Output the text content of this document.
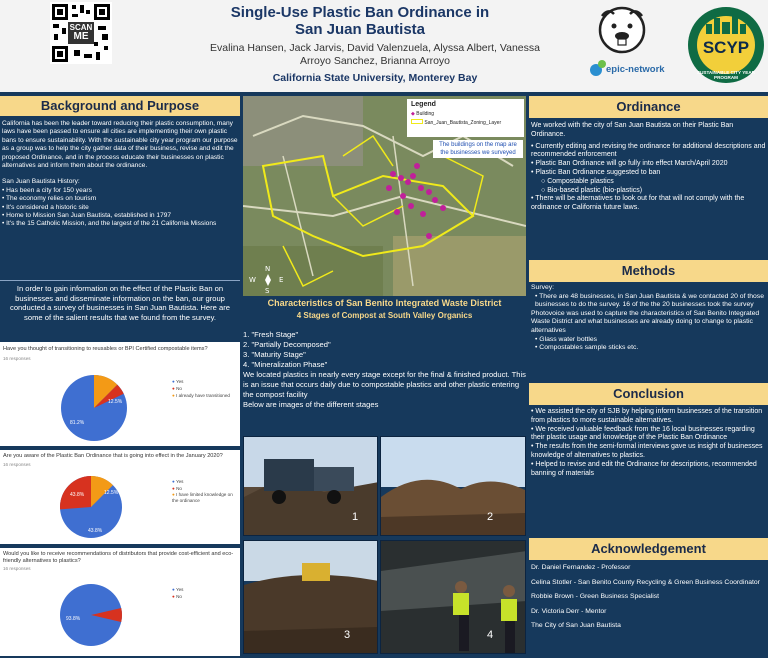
SCAN
ME
Single-Use Plastic Ban Ordinance in
San Juan Bautista
Evalina Hansen, Jack Jarvis, David Valenzuela, Alyssa Albert, Vanessa
Arroyo Sanchez, Brianna Arroyo
California State University, Monterey Bay
epic-network
SCYP
SUSTAINABLE CITY YEAR PROGRAM
Background and Purpose

California has been the leader toward reducing their plastic consumption, many laws have been passed to ensure all cities are implementing their own plastic bans to ensure sustainability. With the sustainable city year program our purpose as a group was to help the city gather data of their business, revise and edit the proposed Ordinance, and in the process educate their businesses on plastic alternatives and inform them about the ordinance.

San Juan Bautista History:

• Has been a city for 150 years
• The economy relies on tourism
• It's considered a historic site
• Home to Mission San Juan Bautista, established in 1797
• It's the 15 Catholic Mission, and the largest of the 21 California Missions
In order to gain information on the effect of the Plastic Ban on businesses and disseminate information on the ban, our group conducted a survey of businesses in San Juan Bautista. Here are some of the salient results that we found from the survey.
Have you thought of transitioning to reusables or BPI Certified compostable items?
16 responses
81.2%
12.5%
● Yes
● No
● I already have transitioned
Are you aware of the Plastic Ban Ordinance that is going into effect in the January 2020?
16 responses
43.8%
43.8%
12.5%
● Yes
● No
● I have limited knowledge on the ordinance
Would you like to receive recommendations of distributors that provide cost-efficient and eco-friendly alternatives to plastics?
16 responses
93.8%
● Yes
● No
N
W	E
S
Legend
◆ Building
San_Juan_Bautista_Zoning_Layer
The buildings on the map are the businesses we surveyed
Characteristics of San Benito Integrated Waste District
4 Stages of Compost at South Valley Organics
1. "Fresh Stage"
2. "Partially Decomposed"
3. "Maturity Stage"
4. "Mineralization Phase"
We located plastics in nearly every stage except for the final & finished product. This is an issue that occurs daily due to compostable plastics and other plastic entering the compost facility
Below are images of the different stages
1	2
3	4
Ordinance

We worked with the city of San Juan Bautista on their Plastic Ban Ordinance.

• Currently editing and revising the ordinance for additional descriptions and recommended enforcement
• Plastic Ban Ordinance will go fully into effect March/April 2020
• Plastic Ban Ordinance suggested to ban
○ Compostable plastics
○ Bio-based plastic (bio-plastics)
• There will be alternatives to look out for that will not comply with the ordinance or California future laws.
Methods

Survey:

• There are 48 businesses, in San Juan Bautista & we contacted 20 of those businesses to do the survey. 16 of the the 20 businesses took the survey

Photovoice was used to capture the characteristics of San Benito Integrated Waste District and what businesses are already doing to change to plastic alternatives

• Glass water bottles
• Compostables sample sticks etc.
Conclusion
• We assisted the city of SJB by helping inform businesses of the transition from plastics to more sustainable alternatives.
• We received valuable feedback from the 16 local businesses regarding their plastic usage and knowledge of the Plastic Ban Ordinance
• The results from the semi-formal interviews gave us insight of businesses knowledge of alternatives to plastics.
• Helped to revise and edit the Ordinance for descriptions, recommended banning of materials
Acknowledgement

Dr. Daniel Fernandez - Professor

Celina Stotler - San Benito County Recycling & Green Business Coordinator

Robbie Brown - Green Business Specialist

Dr. Victoria Derr - Mentor

The City of San Juan Bautista
